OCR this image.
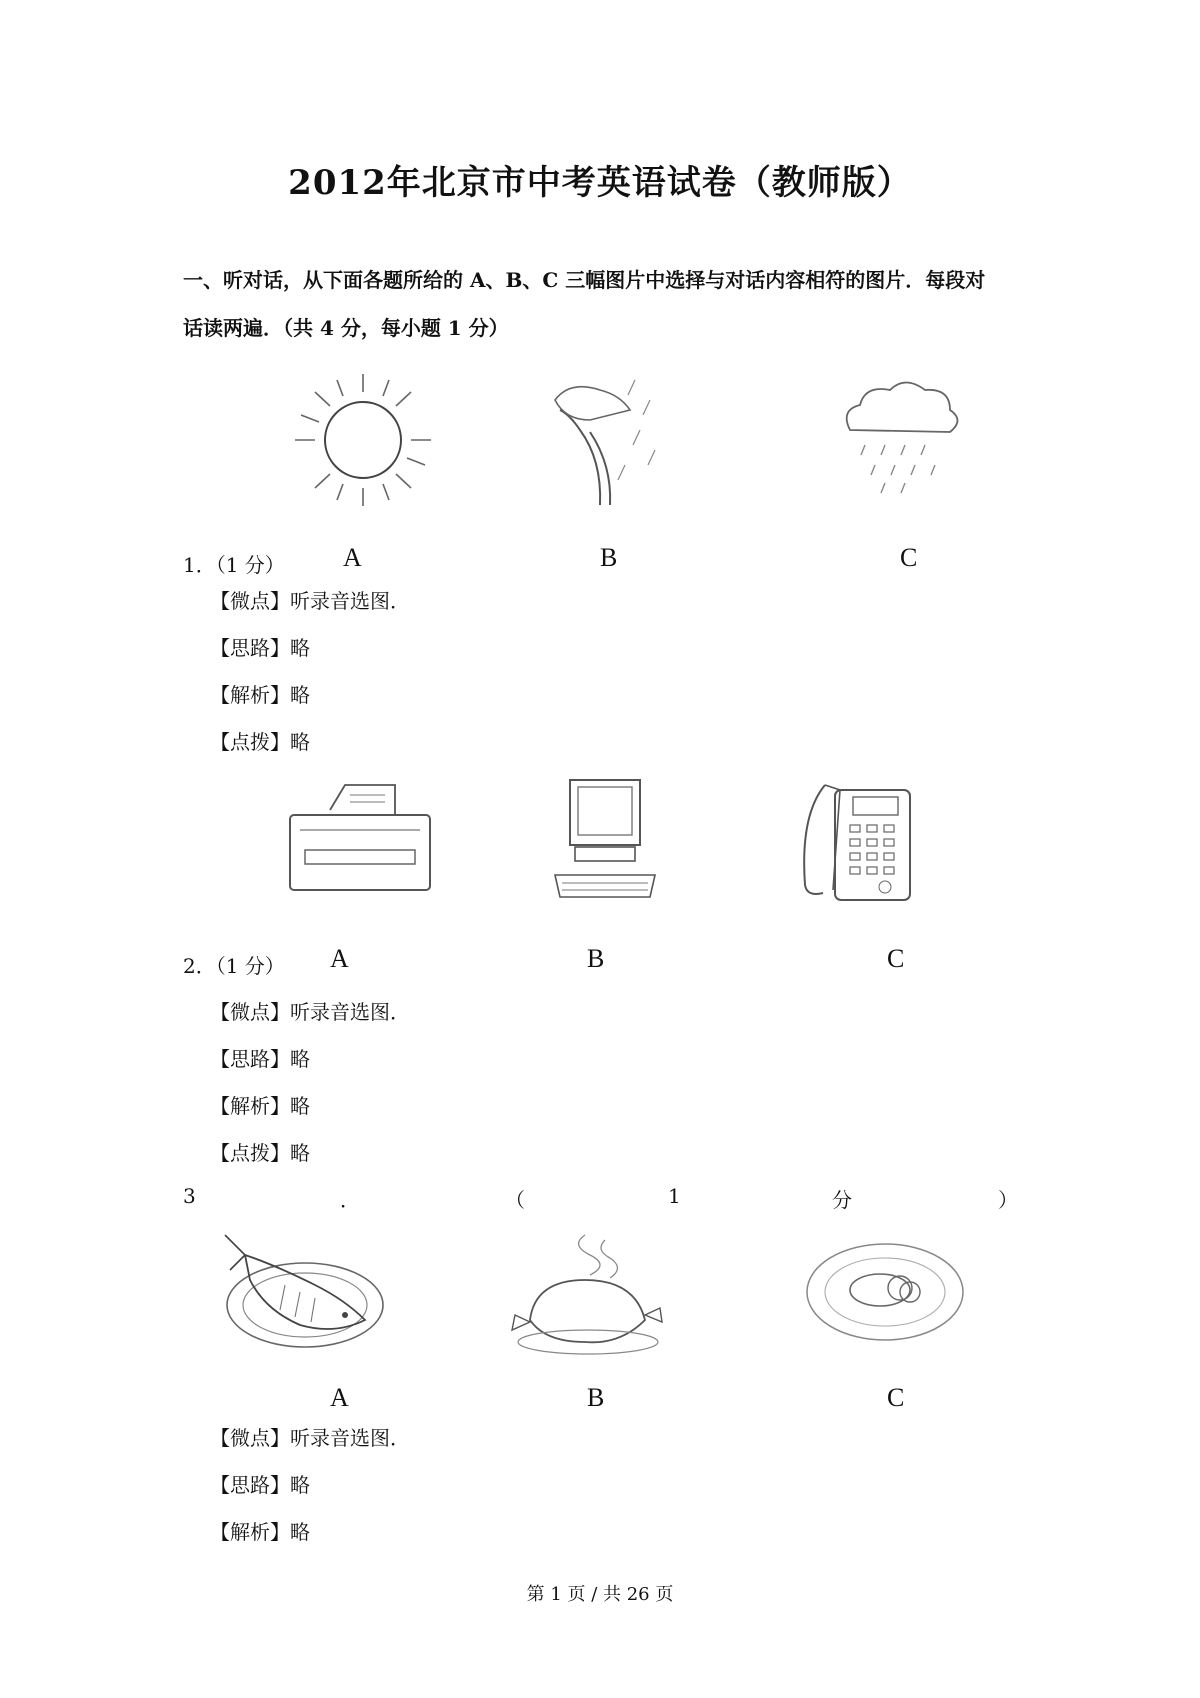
2012年北京市中考英语试卷（教师版）
一、听对话，从下面各题所给的 A、B、C 三幅图片中选择与对话内容相符的图片．每段对
话读两遍．（共 4 分，每小题 1 分）
1．（1 分） A	B	C
【微点】听录音选图．
【思路】略
【解析】略
【点拨】略
2．（1 分） A	B	C
【微点】听录音选图．
【思路】略
【解析】略
【点拨】略
3	．	（	1	分	）
A	B	C
【微点】听录音选图．
【思路】略
【解析】略
第 1 页 / 共 26 页
